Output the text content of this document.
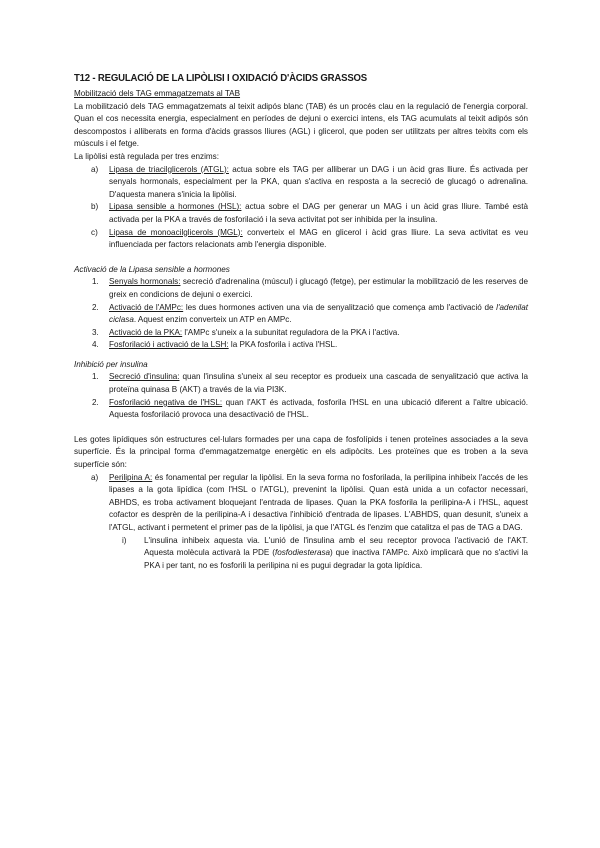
T12 - REGULACIÓ DE LA LIPÒLISI I OXIDACIÓ D'ÀCIDS GRASSOS
Mobilització dels TAG emmagatzemats al TAB

La mobilització dels TAG emmagatzemats al teixit adipós blanc (TAB) és un procés clau en la regulació de l'energia corporal. Quan el cos necessita energia, especialment en períodes de dejuni o exercici intens, els TAG acumulats al teixit adipós són descompostos i alliberats en forma d'àcids grassos lliures (AGL) i glicerol, que poden ser utilitzats per altres teixits com els músculs i el fetge.

La lipòlisi està regulada per tres enzims:

a) Lipasa de triacilglicerols (ATGL): actua sobre els TAG per alliberar un DAG i un àcid gras lliure. És activada per senyals hormonals, especialment per la PKA, quan s'activa en resposta a la secreció de glucagó o adrenalina. D'aquesta manera s'inicia la lipòlisi.
b) Lipasa sensible a hormones (HSL): actua sobre el DAG per generar un MAG i un àcid gras lliure. També està activada per la PKA a través de fosforilació i la seva activitat pot ser inhibida per la insulina.
c) Lipasa de monoacilglicerols (MGL): converteix el MAG en glicerol i àcid gras lliure. La seva activitat es veu influenciada per factors relacionats amb l'energia disponible.
Activació de la Lipasa sensible a hormones
1. Senyals hormonals: secreció d'adrenalina (múscul) i glucagó (fetge), per estimular la mobilització de les reserves de greix en condicions de dejuni o exercici.
2. Activació de l'AMPc: les dues hormones activen una via de senyalització que comença amb l'activació de l'adenilat ciclasa. Aquest enzim converteix un ATP en AMPc.
3. Activació de la PKA: l'AMPc s'uneix a la subunitat reguladora de la PKA i l'activa.
4. Fosforilació i activació de la LSH: la PKA fosforila i activa l'HSL.
Inhibició per insulina
1. Secreció d'insulina: quan l'insulina s'uneix al seu receptor es produeix una cascada de senyalització que activa la proteïna quinasa B (AKT) a través de la via PI3K.
2. Fosforilació negativa de l'HSL: quan l'AKT és activada, fosforila l'HSL en una ubicació diferent a l'altre ubicació. Aquesta fosforilació provoca una desactivació de l'HSL.

Les gotes lipídiques són estructures cel·lulars formades per una capa de fosfolípids i tenen proteïnes associades a la seva superfície. És la principal forma d'emmagatzematge energètic en els adipòcits. Les proteïnes que es troben a la seva superfície són:

a) Perilipina A: és fonamental per regular la lipòlisi. En la seva forma no fosforilada, la perilipina inhibeix l'accés de les lipases a la gota lipídica (com l'HSL o l'ATGL), prevenint la lipòlisi. Quan està unida a un cofactor necessari, ABHDS, es troba activament bloquejant l'entrada de lipases. Quan la PKA fosforila la perilipina-A i l'HSL, aquest cofactor es desprèn de la perilipina-A i desactiva l'inhibició d'entrada de lipases. L'ABHDS, quan desunit, s'uneix a l'ATGL, activant i permetent el primer pas de la lipòlisi, ja que l'ATGL és l'enzim que catalitza el pas de TAG a DAG.
i) L'insulina inhibeix aquesta via. L'unió de l'insulina amb el seu receptor provoca l'activació de l'AKT. Aquesta molècula activarà la PDE (fosfodiesterasa) que inactiva l'AMPc. Això implicarà que no s'activi la PKA i per tant, no es fosforili la perilipina ni es pugui degradar la gota lipídica.
